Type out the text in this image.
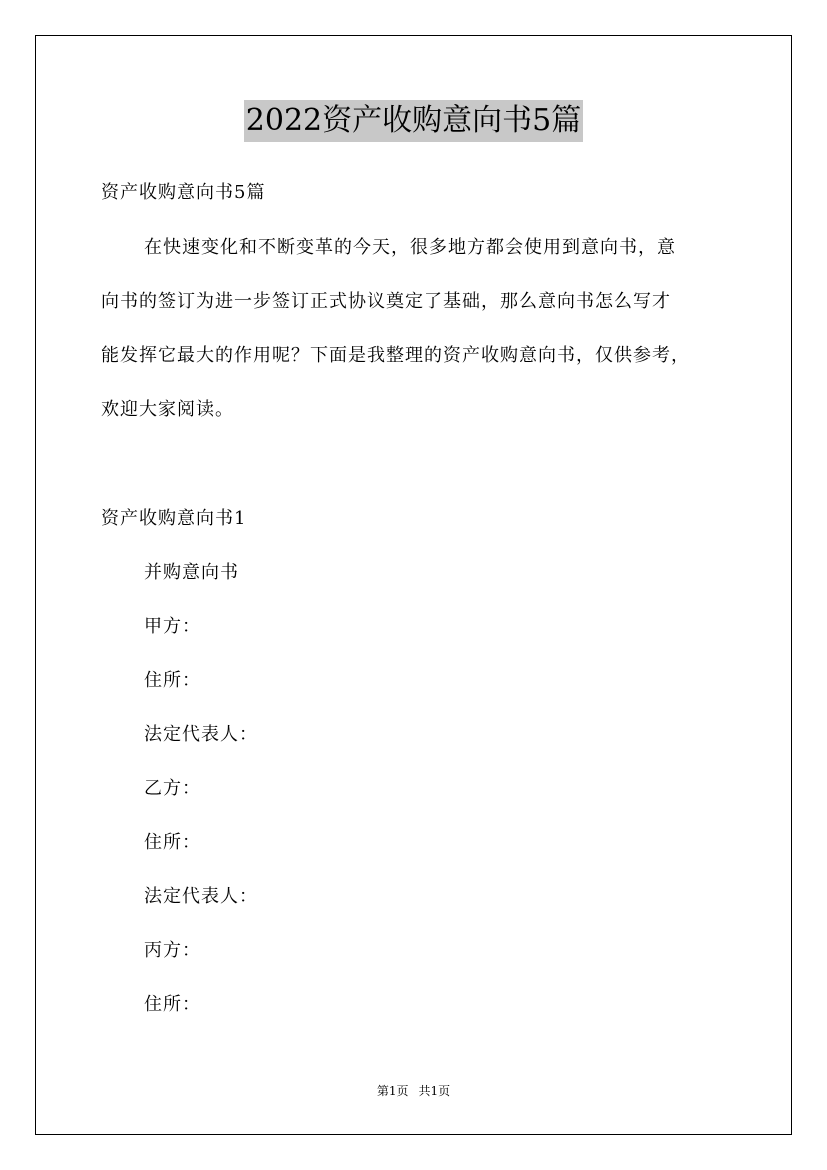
2022资产收购意向书5篇
资产收购意向书5篇
在快速变化和不断变革的今天，很多地方都会使用到意向书，意
向书的签订为进一步签订正式协议奠定了基础，那么意向书怎么写才
能发挥它最大的作用呢？下面是我整理的资产收购意向书，仅供参考，
欢迎大家阅读。
资产收购意向书1
并购意向书
甲方：
住所：
法定代表人：
乙方：
住所：
法定代表人：
丙方：
住所：
第1页 共1页
